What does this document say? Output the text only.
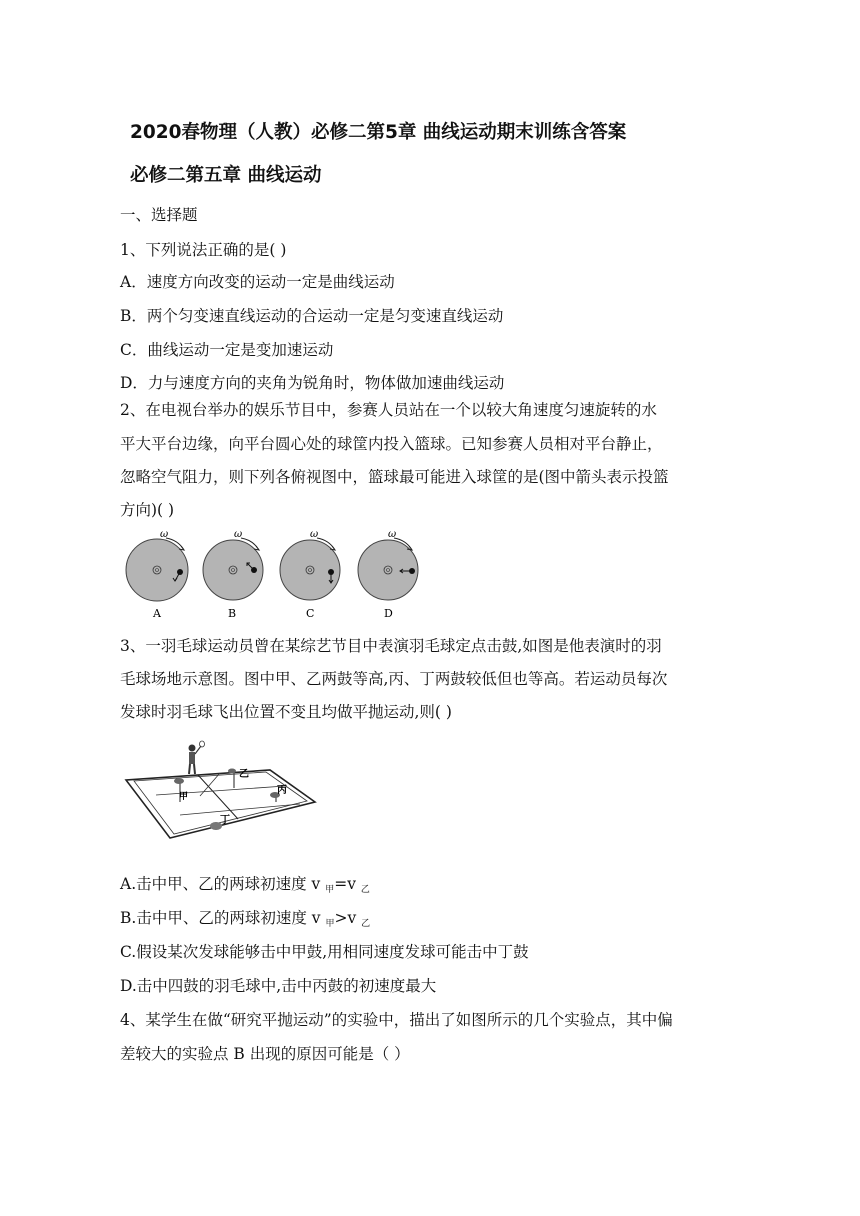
2020春物理（人教）必修二第5章 曲线运动期末训练含答案
必修二第五章 曲线运动
一、选择题
1、下列说法正确的是( )
A．速度方向改变的运动一定是曲线运动
B．两个匀变速直线运动的合运动一定是匀变速直线运动
C．曲线运动一定是变加速运动
D．力与速度方向的夹角为锐角时，物体做加速曲线运动
2、在电视台举办的娱乐节目中，参赛人员站在一个以较大角速度匀速旋转的水
平大平台边缘，向平台圆心处的球筐内投入篮球。已知参赛人员相对平台静止，
忽略空气阻力，则下列各俯视图中，篮球最可能进入球筐的是(图中箭头表示投篮
方向)( )
ω	ω	ω	ω
A	B	C	D
3、一羽毛球运动员曾在某综艺节目中表演羽毛球定点击鼓,如图是他表演时的羽
毛球场地示意图。图中甲、乙两鼓等高,丙、丁两鼓较低但也等高。若运动员每次
发球时羽毛球飞出位置不变且均做平抛运动,则( )
乙
甲
丙
丁
A.击中甲、乙的两球初速度 v 甲=v 乙
B.击中甲、乙的两球初速度 v 甲>v 乙
C.假设某次发球能够击中甲鼓,用相同速度发球可能击中丁鼓
D.击中四鼓的羽毛球中,击中丙鼓的初速度最大
4、某学生在做“研究平抛运动”的实验中，描出了如图所示的几个实验点，其中偏
差较大的实验点 B 出现的原因可能是（ ）
